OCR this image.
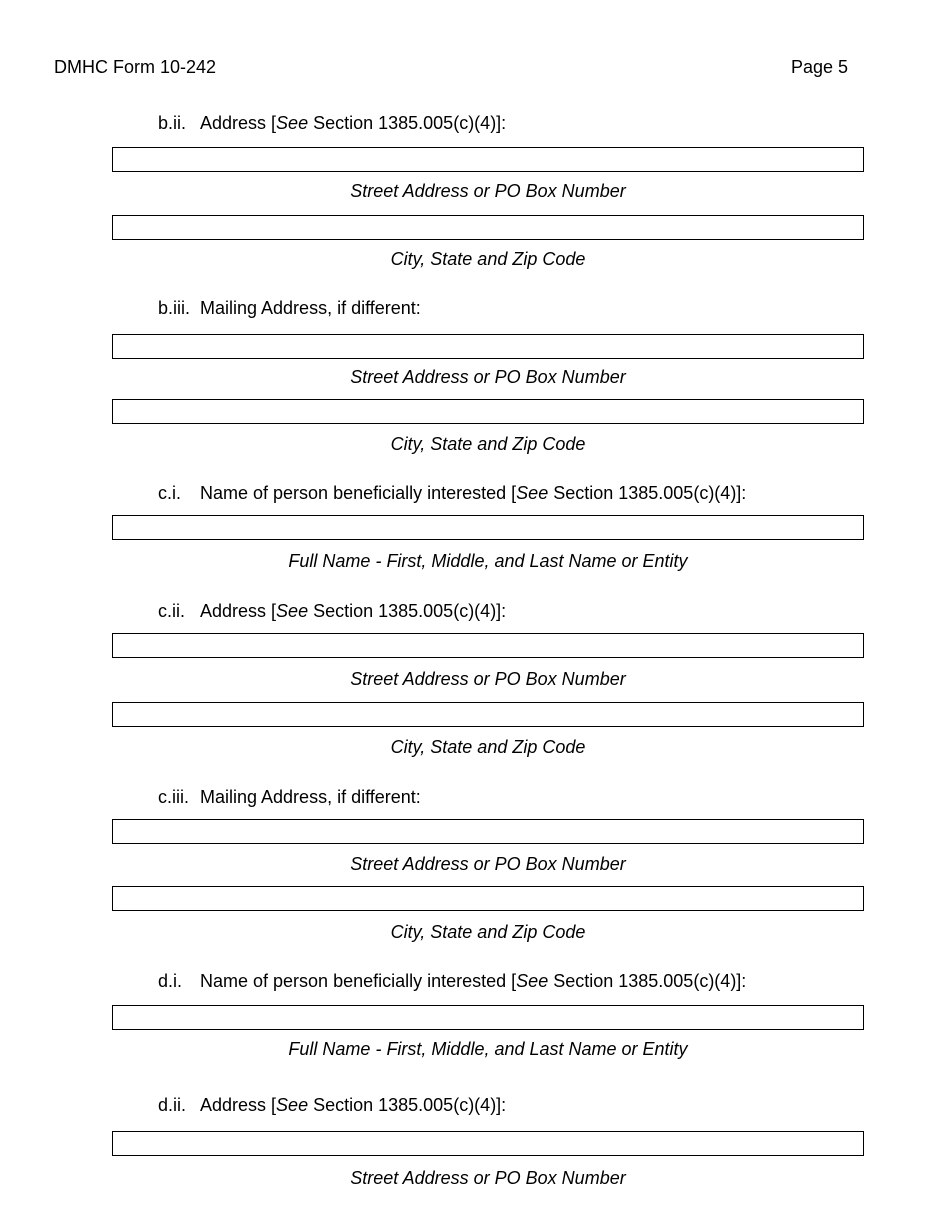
DMHC Form 10-242	Page 5
b.ii. Address [See Section 1385.005(c)(4)]:
Street Address or PO Box Number
City, State and Zip Code
b.iii. Mailing Address, if different:
Street Address or PO Box Number
City, State and Zip Code
c.i. Name of person beneficially interested [See Section 1385.005(c)(4)]:
Full Name - First, Middle, and Last Name or Entity
c.ii. Address [See Section 1385.005(c)(4)]:
Street Address or PO Box Number
City, State and Zip Code
c.iii. Mailing Address, if different:
Street Address or PO Box Number
City, State and Zip Code
d.i. Name of person beneficially interested [See Section 1385.005(c)(4)]:
Full Name - First, Middle, and Last Name or Entity
d.ii. Address [See Section 1385.005(c)(4)]:
Street Address or PO Box Number
